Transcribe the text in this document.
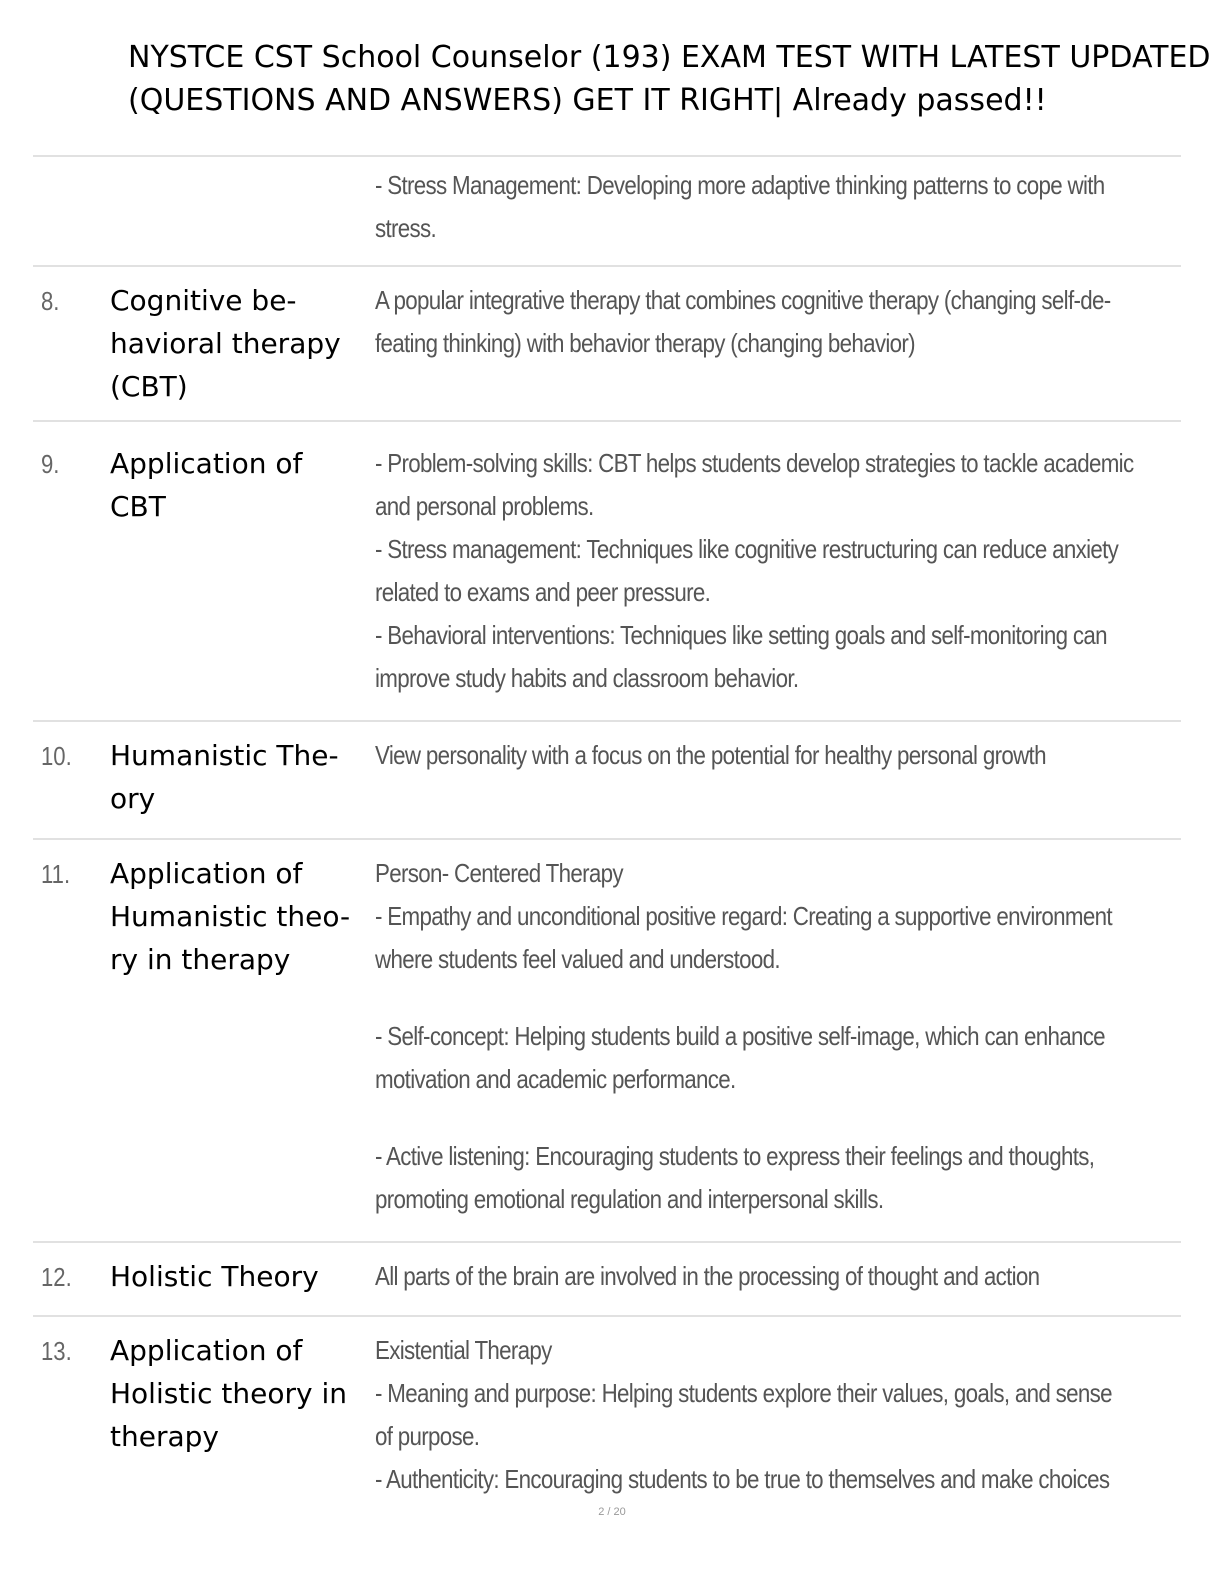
NYSTCE CST School Counselor (193) EXAM TEST WITH LATEST UPDATED
(QUESTIONS AND ANSWERS) GET IT RIGHT| Already passed!!
- Stress Management: Developing more adaptive thinking patterns to cope with
stress.
8. Cognitive be-
havioral therapy
(CBT)
A popular integrative therapy that combines cognitive therapy (changing self-de-
feating thinking) with behavior therapy (changing behavior)
9. Application of
CBT
- Problem-solving skills: CBT helps students develop strategies to tackle academic
and personal problems.
- Stress management: Techniques like cognitive restructuring can reduce anxiety
related to exams and peer pressure.
- Behavioral interventions: Techniques like setting goals and self-monitoring can
improve study habits and classroom behavior.
10. Humanistic The-
ory
View personality with a focus on the potential for healthy personal growth
11. Application of
Humanistic theo-
ry in therapy
Person- Centered Therapy
- Empathy and unconditional positive regard: Creating a supportive environment
where students feel valued and understood.
- Self-concept: Helping students build a positive self-image, which can enhance
motivation and academic performance.
- Active listening: Encouraging students to express their feelings and thoughts,
promoting emotional regulation and interpersonal skills.
12. Holistic Theory	All parts of the brain are involved in the processing of thought and action
13. Application of
Holistic theory in
therapy
Existential Therapy
- Meaning and purpose: Helping students explore their values, goals, and sense
of purpose.
- Authenticity: Encouraging students to be true to themselves and make choices
2 / 20
